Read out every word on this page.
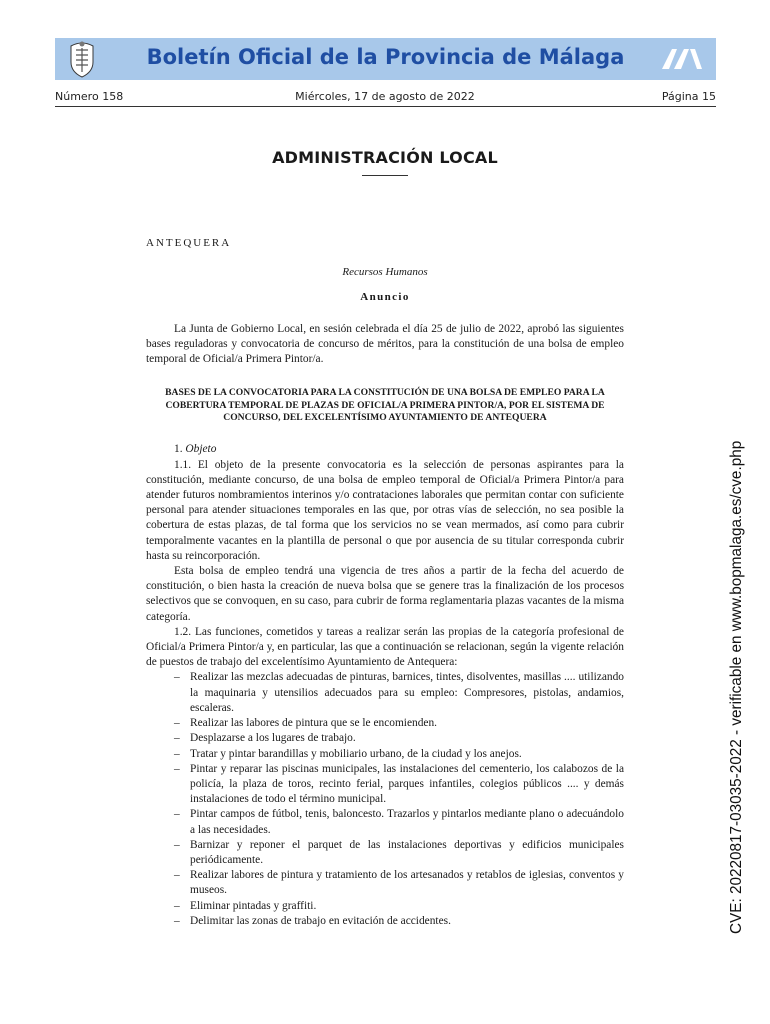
Boletín Oficial de la Provincia de Málaga
Número 158	Miércoles, 17 de agosto de 2022	Página 15
ADMINISTRACIÓN LOCAL
ANTEQUERA
Recursos Humanos
Anuncio

La Junta de Gobierno Local, en sesión celebrada el día 25 de julio de 2022, aprobó las siguientes bases reguladoras y convocatoria de concurso de méritos, para la constitución de una bolsa de empleo temporal de Oficial/a Primera Pintor/a.

BASES DE LA CONVOCATORIA PARA LA CONSTITUCIÓN DE UNA BOLSA DE EMPLEO PARA LA COBERTURA TEMPORAL DE PLAZAS DE OFICIAL/A PRIMERA PINTOR/A, POR EL SISTEMA DE CONCURSO, DEL EXCELENTÍSIMO AYUNTAMIENTO DE ANTEQUERA

1. Objeto

1.1. El objeto de la presente convocatoria es la selección de personas aspirantes para la constitución, mediante concurso, de una bolsa de empleo temporal de Oficial/a Primera Pintor/a para atender futuros nombramientos interinos y/o contrataciones laborales que permitan contar con suficiente personal para atender situaciones temporales en las que, por otras vías de selección, no sea posible la cobertura de estas plazas, de tal forma que los servicios no se vean mermados, así como para cubrir temporalmente vacantes en la plantilla de personal o que por ausencia de su titular corresponda cubrir hasta su reincorporación.

Esta bolsa de empleo tendrá una vigencia de tres años a partir de la fecha del acuerdo de constitución, o bien hasta la creación de nueva bolsa que se genere tras la finalización de los procesos selectivos que se convoquen, en su caso, para cubrir de forma reglamentaria plazas vacantes de la misma categoría.

1.2. Las funciones, cometidos y tareas a realizar serán las propias de la categoría profesional de Oficial/a Primera Pintor/a y, en particular, las que a continuación se relacionan, según la vigente relación de puestos de trabajo del excelentísimo Ayuntamiento de Antequera:

– Realizar las mezclas adecuadas de pinturas, barnices, tintes, disolventes, masillas .... utilizando la maquinaria y utensilios adecuados para su empleo: Compresores, pistolas, andamios, escaleras.
– Realizar las labores de pintura que se le encomienden.
– Desplazarse a los lugares de trabajo.
– Tratar y pintar barandillas y mobiliario urbano, de la ciudad y los anejos.
– Pintar y reparar las piscinas municipales, las instalaciones del cementerio, los calabozos de la policía, la plaza de toros, recinto ferial, parques infantiles, colegios públicos .... y demás instalaciones de todo el término municipal.
– Pintar campos de fútbol, tenis, baloncesto. Trazarlos y pintarlos mediante plano o adecuándolo a las necesidades.
– Barnizar y reponer el parquet de las instalaciones deportivas y edificios municipales periódicamente.
– Realizar labores de pintura y tratamiento de los artesanados y retablos de iglesias, conventos y museos.
– Eliminar pintadas y graffiti.
– Delimitar las zonas de trabajo en evitación de accidentes.	CVE: 20220817-03035-2022 - verificable en www.bopmalaga.es/cve.php
